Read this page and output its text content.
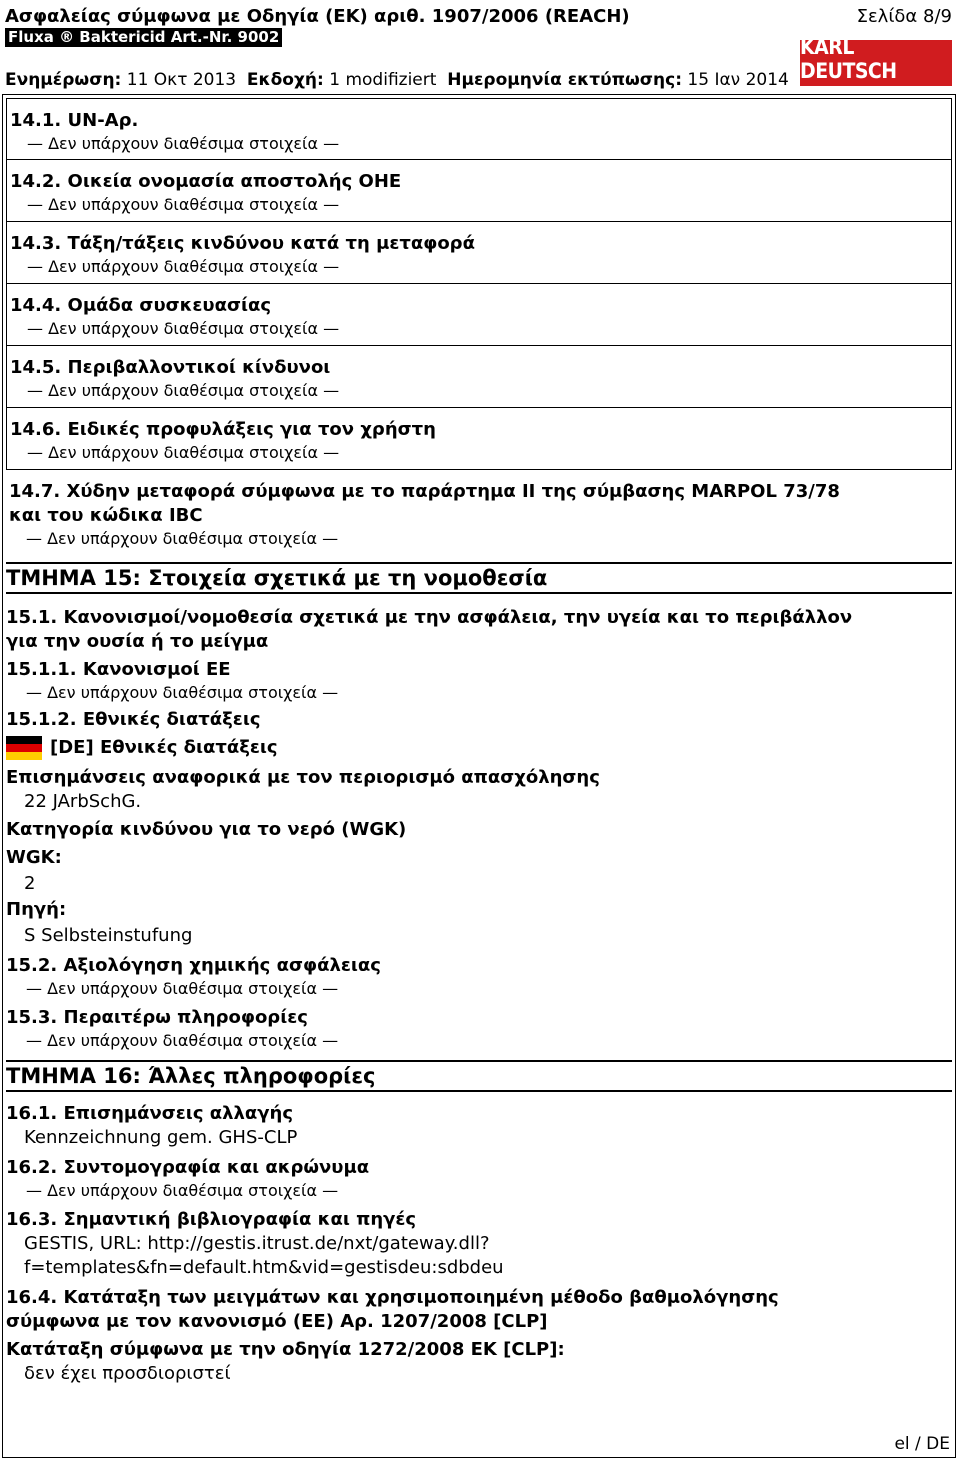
Ασφαλείας σύμφωνα με Οδηγία (ΕΚ) αριθ. 1907/2006 (REACH)	Σελίδα 8/9
Fluxa ® Baktericid Art.-Nr. 9002
Ενημέρωση: 11 Οκτ 2013 Εκδοχή: 1 modifiziert Ημερομηνία εκτύπωσης: 15 Ιαν 2014
KARL DEUTSCH
14.1. UN-Αρ.
— Δεν υπάρχουν διαθέσιμα στοιχεία —
14.2. Οικεία ονομασία αποστολής ΟΗΕ
— Δεν υπάρχουν διαθέσιμα στοιχεία —
14.3. Τάξη/τάξεις κινδύνου κατά τη μεταφορά
— Δεν υπάρχουν διαθέσιμα στοιχεία —
14.4. Ομάδα συσκευασίας
— Δεν υπάρχουν διαθέσιμα στοιχεία —
14.5. Περιβαλλοντικοί κίνδυνοι
— Δεν υπάρχουν διαθέσιμα στοιχεία —
14.6. Ειδικές προφυλάξεις για τον χρήστη
— Δεν υπάρχουν διαθέσιμα στοιχεία —
14.7. Χύδην μεταφορά σύμφωνα με το παράρτημα II της σύμβασης MARPOL 73/78
και του κώδικα IBC
— Δεν υπάρχουν διαθέσιμα στοιχεία —
ΤΜΗΜΑ 15: Στοιχεία σχετικά με τη νομοθεσία
15.1. Κανονισμοί/νομοθεσία σχετικά με την ασφάλεια, την υγεία και το περιβάλλον
για την ουσία ή το μείγμα
15.1.1. Κανονισμοί ΕΕ
— Δεν υπάρχουν διαθέσιμα στοιχεία —
15.1.2. Εθνικές διατάξεις
[DE] Εθνικές διατάξεις
Επισημάνσεις αναφορικά με τον περιορισμό απασχόλησης
22 JArbSchG.
Κατηγορία κινδύνου για το νερό (WGK)
WGK:
2
Πηγή:
S Selbsteinstufung
15.2. Αξιολόγηση χημικής ασφάλειας
— Δεν υπάρχουν διαθέσιμα στοιχεία —
15.3. Περαιτέρω πληροφορίες
— Δεν υπάρχουν διαθέσιμα στοιχεία —
ΤΜΗΜΑ 16: Άλλες πληροφορίες
16.1. Επισημάνσεις αλλαγής
Kennzeichnung gem. GHS-CLP
16.2. Συντομογραφία και ακρώνυμα
— Δεν υπάρχουν διαθέσιμα στοιχεία —
16.3. Σημαντική βιβλιογραφία και πηγές
GESTIS, URL: http://gestis.itrust.de/nxt/gateway.dll?
f=templates&fn=default.htm&vid=gestisdeu:sdbdeu
16.4. Κατάταξη των μειγμάτων και χρησιμοποιημένη μέθοδο βαθμολόγησης
σύμφωνα με τον κανονισμό (ΕΕ) Αρ. 1207/2008 [CLP]
Κατάταξη σύμφωνα με την οδηγία 1272/2008 ΕΚ [CLP]:
δεν έχει προσδιοριστεί
el / DE
